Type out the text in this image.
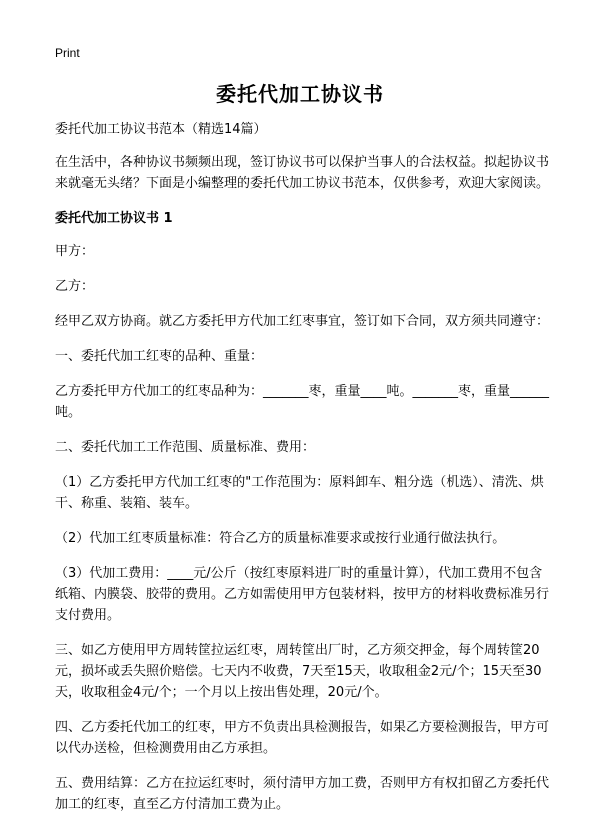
Print
委托代加工协议书

委托代加工协议书范本（精选14篇）

在生活中，各种协议书频频出现，签订协议书可以保护当事人的合法权益。拟起协议书来就毫无头绪？下面是小编整理的委托代加工协议书范本，仅供参考，欢迎大家阅读。

委托代加工协议书 1

甲方：

乙方：

经甲乙双方协商。就乙方委托甲方代加工红枣事宜，签订如下合同，双方须共同遵守：

一、委托代加工红枣的品种、重量：

乙方委托甲方代加工的红枣品种为：_______枣，重量____吨。_______枣，重量______吨。

二、委托代加工工作范围、质量标准、费用：

（1）乙方委托甲方代加工红枣的"工作范围为：原料卸车、粗分选（机选）、清洗、烘干、称重、装箱、装车。

（2）代加工红枣质量标准：符合乙方的质量标准要求或按行业通行做法执行。

（3）代加工费用：____元/公斤（按红枣原料进厂时的重量计算），代加工费用不包含纸箱、内膜袋、胶带的费用。乙方如需使用甲方包装材料，按甲方的材料收费标准另行支付费用。

三、如乙方使用甲方周转筐拉运红枣，周转筐出厂时，乙方须交押金，每个周转筐20元，损坏或丢失照价赔偿。七天内不收费，7天至15天，收取租金2元/个；15天至30天，收取租金4元/个；一个月以上按出售处理，20元/个。

四、乙方委托代加工的红枣，甲方不负责出具检测报告，如果乙方要检测报告，甲方可以代办送检，但检测费用由乙方承担。

五、费用结算：乙方在拉运红枣时，须付清甲方加工费，否则甲方有权扣留乙方委托代加工的红枣，直至乙方付清加工费为止。
